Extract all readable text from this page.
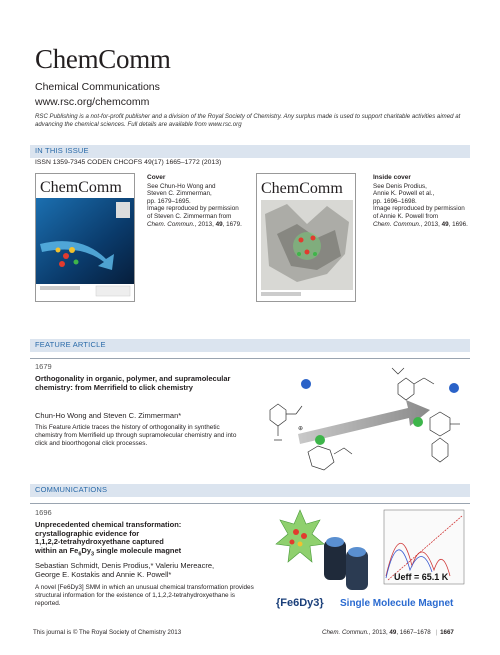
ChemComm
Chemical Communications
www.rsc.org/chemcomm
RSC Publishing is a not-for-profit publisher and a division of the Royal Society of Chemistry. Any surplus made is used to support charitable activities aimed at advancing the chemical sciences. Full details are available from www.rsc.org
IN THIS ISSUE
ISSN 1359-7345 CODEN CHCOFS 49(17) 1665–1772 (2013)
ChemComm
Cover
See Chun-Ho Wong and
Steven C. Zimmerman,
pp. 1679–1695.
Image reproduced by permission
of Steven C. Zimmerman from
Chem. Commun., 2013, 49, 1679.
ChemComm
Inside cover
See Denis Prodius,
Annie K. Powell et al.,
pp. 1696–1698.
Image reproduced by permission
of Annie K. Powell from
Chem. Commun., 2013, 49, 1696.
FEATURE ARTICLE
1679
Orthogonality in organic, polymer, and supramolecular chemistry: from Merrifield to click chemistry
Chun-Ho Wong and Steven C. Zimmerman*
This Feature Article traces the history of orthogonality in synthetic chemistry from Merrifield up through supramolecular chemistry and into click and bioorthogonal click processes.
⊕
COMMUNICATIONS
1696
Unprecedented chemical transformation:
crystallographic evidence for
1,1,2,2-tetrahydroxyethane captured
within an $Fe_6Dy_3$ single molecule magnet
Sebastian Schmidt, Denis Prodius,* Valeriu Mereacre,
George E. Kostakis and Annie K. Powell*
A novel [Fe6Dy3] SMM in which an unusual chemical transformation provides structural information for the existence of 1,1,2,2-tetrahydroxyethane is reported.
Ueff = 65.1 K
{Fe6Dy3} Single Molecule Magnet
This journal is © The Royal Society of Chemistry 2013	Chem. Commun., 2013, 49, 1667–1678 | 1667
